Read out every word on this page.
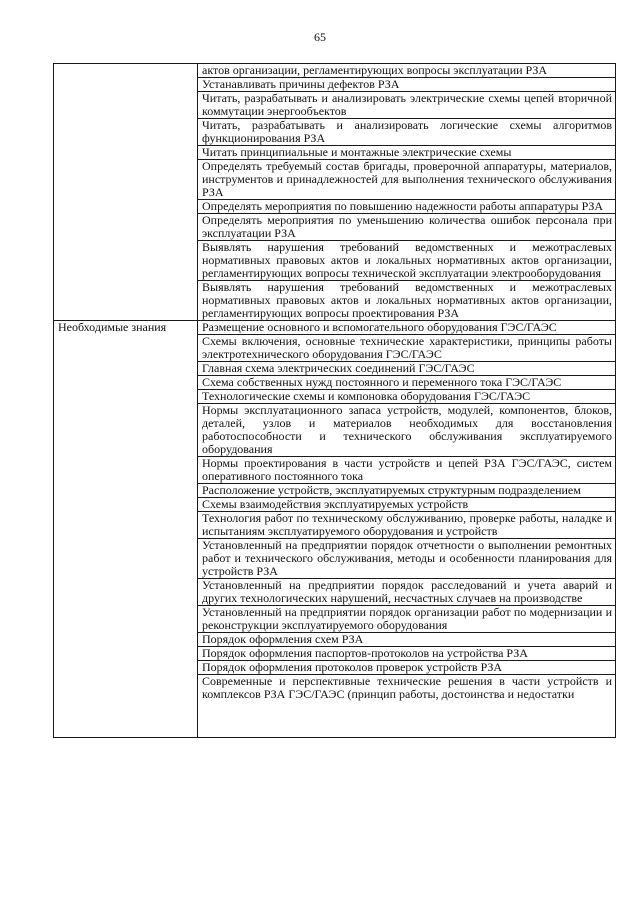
65
	актов организации, регламентирующих вопросы эксплуатации РЗА
	Устанавливать причины дефектов РЗА
	Читать, разрабатывать и анализировать электрические схемы цепей вторичной коммутации энергообъектов
	Читать, разрабатывать и анализировать логические схемы алгоритмов функционирования РЗА
	Читать принципиальные и монтажные электрические схемы
	Определять требуемый состав бригады, проверочной аппаратуры, материалов, инструментов и принадлежностей для выполнения технического обслуживания РЗА
	Определять мероприятия по повышению надежности работы аппаратуры РЗА
	Определять мероприятия по уменьшению количества ошибок персонала при эксплуатации РЗА
	Выявлять нарушения требований ведомственных и межотраслевых нормативных правовых актов и локальных нормативных актов организации, регламентирующих вопросы технической эксплуатации электрооборудования
	Выявлять нарушения требований ведомственных и межотраслевых нормативных правовых актов и локальных нормативных актов организации, регламентирующих вопросы проектирования РЗА
Необходимые знания	Размещение основного и вспомогательного оборудования ГЭС/ГАЭС
	Схемы включения, основные технические характеристики, принципы работы электротехнического оборудования ГЭС/ГАЭС
	Главная схема электрических соединений ГЭС/ГАЭС
	Схема собственных нужд постоянного и переменного тока ГЭС/ГАЭС
	Технологические схемы и компоновка оборудования ГЭС/ГАЭС
	Нормы эксплуатационного запаса устройств, модулей, компонентов, блоков, деталей, узлов и материалов необходимых для восстановления работоспособности и технического обслуживания эксплуатируемого оборудования
	Нормы проектирования в части устройств и цепей РЗА ГЭС/ГАЭС, систем оперативного постоянного тока
	Расположение устройств, эксплуатируемых структурным подразделением
	Схемы взаимодействия эксплуатируемых устройств
	Технология работ по техническому обслуживанию, проверке работы, наладке и испытаниям эксплуатируемого оборудования и устройств
	Установленный на предприятии порядок отчетности о выполнении ремонтных работ и технического обслуживания, методы и особенности планирования для устройств РЗА
	Установленный на предприятии порядок расследований и учета аварий и других технологических нарушений, несчастных случаев на производстве
	Установленный на предприятии порядок организации работ по модернизации и реконструкции эксплуатируемого оборудования
	Порядок оформления схем РЗА
	Порядок оформления паспортов-протоколов на устройства РЗА
	Порядок оформления протоколов проверок устройств РЗА
	Современные и перспективные технические решения в части устройств и комплексов РЗА ГЭС/ГАЭС (принцип работы, достоинства и недостатки
